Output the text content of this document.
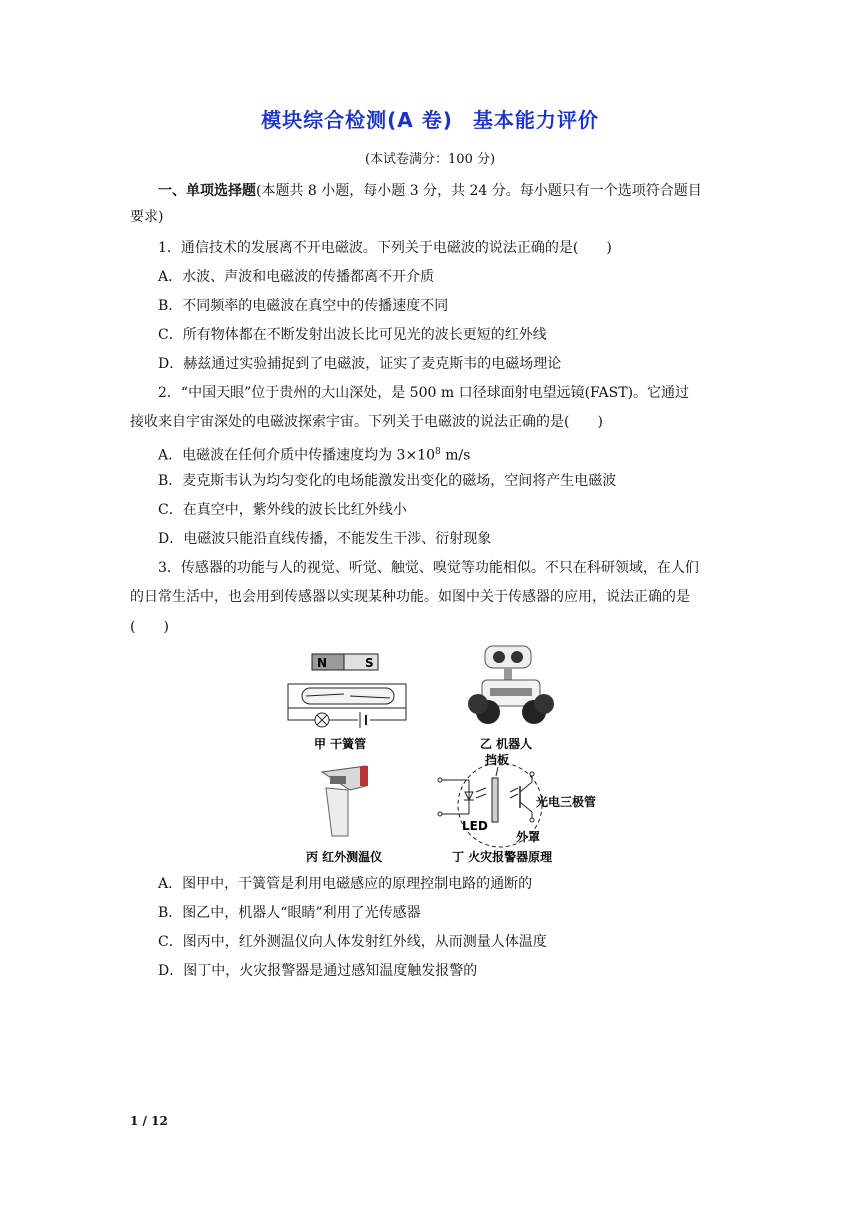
模块综合检测(A 卷) 基本能力评价
(本试卷满分：100 分)
一、单项选择题(本题共 8 小题，每小题 3 分，共 24 分。每小题只有一个选项符合题目
要求)
1．通信技术的发展离不开电磁波。下列关于电磁波的说法正确的是(　　)
A．水波、声波和电磁波的传播都离不开介质
B．不同频率的电磁波在真空中的传播速度不同
C．所有物体都在不断发射出波长比可见光的波长更短的红外线
D．赫兹通过实验捕捉到了电磁波，证实了麦克斯韦的电磁场理论
2．“中国天眼”位于贵州的大山深处，是 500 m 口径球面射电望远镜(FAST)。它通过
接收来自宇宙深处的电磁波探索宇宙。下列关于电磁波的说法正确的是(　　)
A．电磁波在任何介质中传播速度均为 $3\times 10^8$ m/s
B．麦克斯韦认为均匀变化的电场能激发出变化的磁场，空间将产生电磁波
C．在真空中，紫外线的波长比红外线小
D．电磁波只能沿直线传播，不能发生干涉、衍射现象
3．传感器的功能与人的视觉、听觉、触觉、嗅觉等功能相似。不只在科研领域，在人们
的日常生活中，也会用到传感器以实现某种功能。如图中关于传感器的应用，说法正确的是
(　　)
N	S
甲 干簧管	乙 机器人
丙 红外测温仪
挡板
光电三极管
LED
外罩
丁 火灾报警器原理
A．图甲中，干簧管是利用电磁感应的原理控制电路的通断的
B．图乙中，机器人“眼睛”利用了光传感器
C．图丙中，红外测温仪向人体发射红外线，从而测量人体温度
D．图丁中，火灾报警器是通过感知温度触发报警的
1 / 12
